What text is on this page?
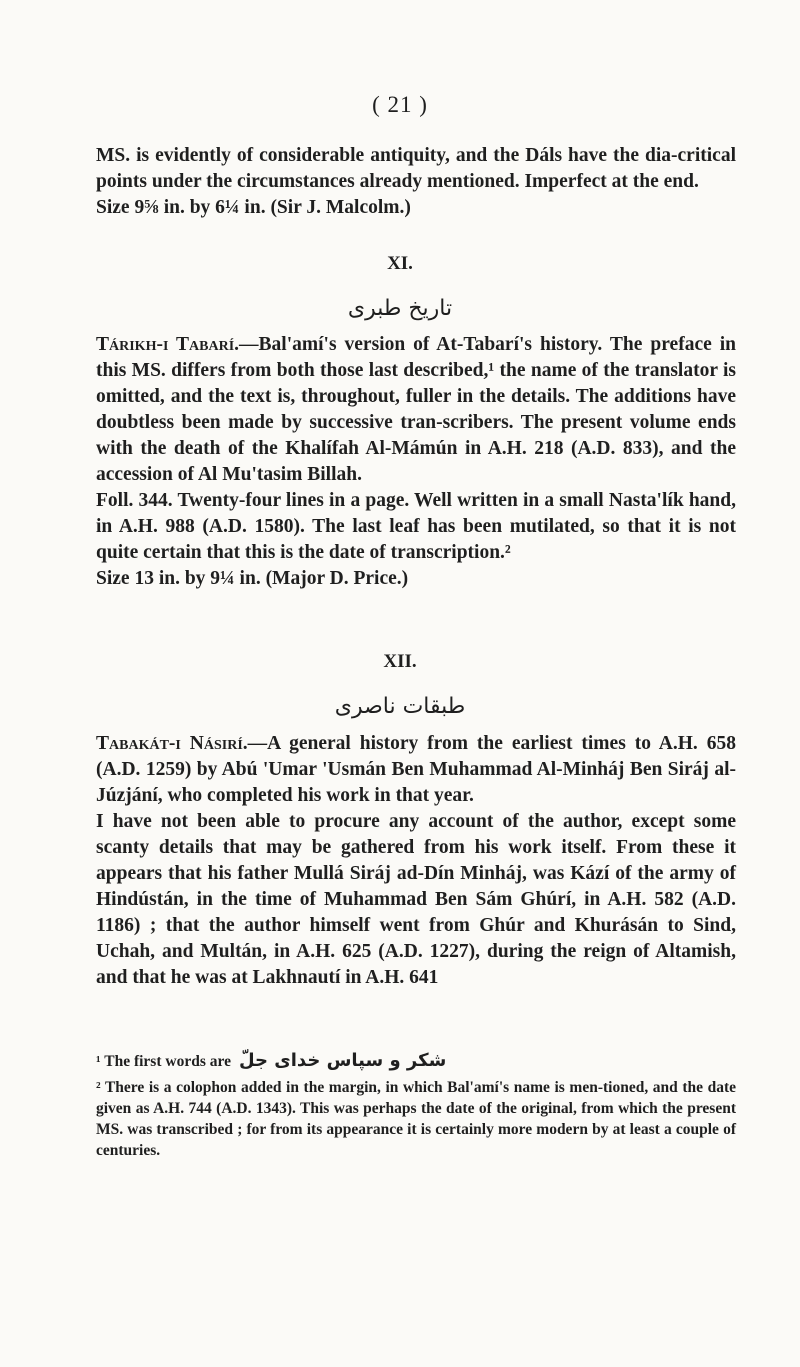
( 21 )

MS. is evidently of considerable antiquity, and the Dáls have the dia-critical points under the circumstances already mentioned. Imperfect at the end.

Size 9⅝ in. by 6¼ in. (Sir J. Malcolm.)

XI.
تاریخ طبری

Tárikh-i Tabarí.—Bal'amí's version of At-Tabarí's history. The preface in this MS. differs from both those last described,¹ the name of the translator is omitted, and the text is, throughout, fuller in the details. The additions have doubtless been made by successive tran-scribers. The present volume ends with the death of the Khalífah Al-Mámún in A.H. 218 (A.D. 833), and the accession of Al Mu'tasim Billah.

Foll. 344. Twenty-four lines in a page. Well written in a small Nasta'lík hand, in A.H. 988 (A.D. 1580). The last leaf has been mutilated, so that it is not quite certain that this is the date of transcription.²

Size 13 in. by 9¼ in. (Major D. Price.)

XII.
طبقات ناصری

Tabakát-i Násirí.—A general history from the earliest times to A.H. 658 (A.D. 1259) by Abú 'Umar 'Usmán Ben Muhammad Al-Minháj Ben Siráj al-Júzjání, who completed his work in that year.

I have not been able to procure any account of the author, except some scanty details that may be gathered from his work itself. From these it appears that his father Mullá Siráj ad-Dín Minháj, was Kází of the army of Hindústán, in the time of Muhammad Ben Sám Ghúrí, in A.H. 582 (A.D. 1186) ; that the author himself went from Ghúr and Khurásán to Sind, Uchah, and Multán, in A.H. 625 (A.D. 1227), during the reign of Altamish, and that he was at Lakhnautí in A.H. 641

¹ The first words are شکر و سپاس خدای جلّ
² There is a colophon added in the margin, in which Bal'amí's name is men-tioned, and the date given as A.H. 744 (A.D. 1343). This was perhaps the date of the original, from which the present MS. was transcribed ; for from its appearance it is certainly more modern by at least a couple of centuries.
